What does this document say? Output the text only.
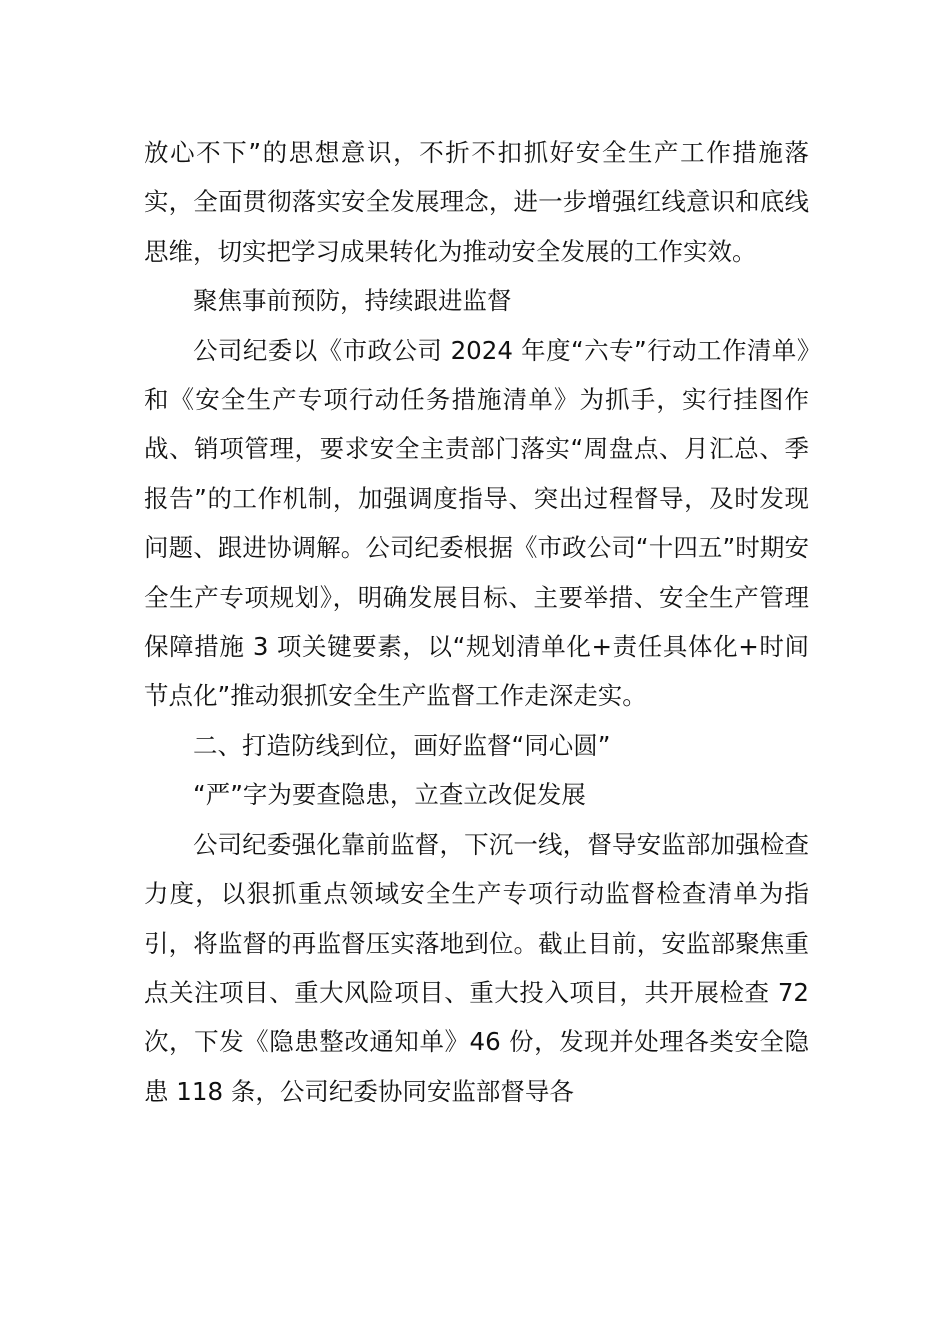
放心不下”的思想意识，不折不扣抓好安全生产工作措施落实，全面贯彻落实安全发展理念，进一步增强红线意识和底线思维，切实把学习成果转化为推动安全发展的工作实效。

聚焦事前预防，持续跟进监督

公司纪委以《市政公司 2024 年度“六专”行动工作清单》和《安全生产专项行动任务措施清单》为抓手，实行挂图作战、销项管理，要求安全主责部门落实“周盘点、月汇总、季报告”的工作机制，加强调度指导、突出过程督导，及时发现问题、跟进协调解。公司纪委根据《市政公司“十四五”时期安全生产专项规划》，明确发展目标、主要举措、安全生产管理保障措施 3 项关键要素，以“规划清单化+责任具体化+时间节点化”推动狠抓安全生产监督工作走深走实。

二、打造防线到位，画好监督“同心圆”

“严”字为要查隐患，立查立改促发展

公司纪委强化靠前监督，下沉一线，督导安监部加强检查力度，以狠抓重点领域安全生产专项行动监督检查清单为指引，将监督的再监督压实落地到位。截止目前，安监部聚焦重点关注项目、重大风险项目、重大投入项目，共开展检查 72 次，下发《隐患整改通知单》46 份，发现并处理各类安全隐患 118 条，公司纪委协同安监部督导各
